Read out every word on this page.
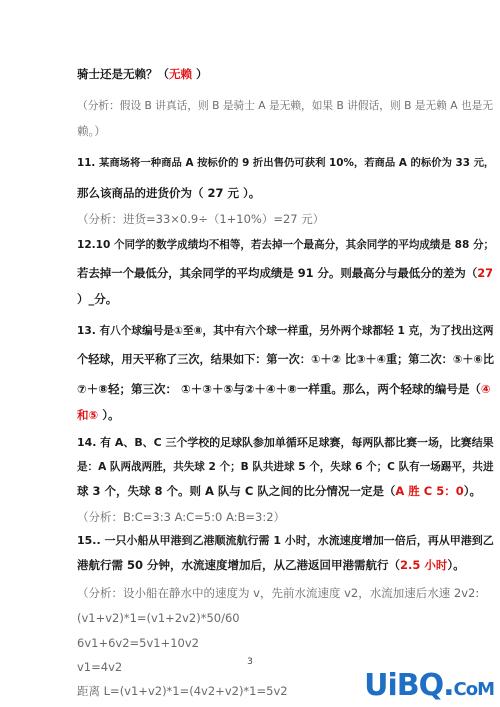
骑士还是无赖？（无赖 ）
（分析：假设 B 讲真话，则 B 是骑士 A 是无赖，如果 B 讲假话，则 B 是无赖 A 也是无
赖。）
11. 某商场将一种商品 A 按标价的 9 折出售仍可获利 10%，若商品 A 的标价为 33 元，
那么该商品的进货价为（ 27 元 ）。
（分析：进货=33×0.9÷（1+10%）=27 元）
12.10 个同学的数学成绩均不相等，若去掉一个最高分，其余同学的平均成绩是 88 分；
若去掉一个最低分，其余同学的平均成绩是 91 分。则最高分与最低分的差为（27
）_分。
13. 有八个球编号是①至⑧，其中有六个球一样重，另外两个球都轻 1 克，为了找出这两
个轻球，用天平称了三次，结果如下：第一次：①＋② 比③＋④重；第二次：⑤＋⑥比
⑦＋⑧轻；第三次： ①＋③＋⑤与②＋④＋⑧一样重。那么，两个轻球的编号是（④
和⑤ ）。
14. 有 A、B、C 三个学校的足球队参加单循环足球赛，每两队都比赛一场，比赛结果
是：A 队两战两胜，共失球 2 个；B 队共进球 5 个，失球 6 个；C 队有一场踢平，共进
球 3 个，失球 8 个。则 A 队与 C 队之间的比分情况一定是（A 胜 C 5：0）。
（分析：B:C=3:3 A:C=5:0 A:B=3:2）
15.. 一只小船从甲港到乙港顺流航行需 1 小时，水流速度增加一倍后，再从甲港到乙
港航行需 50 分钟，水流速度增加后，从乙港返回甲港需航行（2.5 小时）。
（分析：设小船在静水中的速度为 v，先前水流速度 v2，水流加速后水速 2v2:
(v1+v2)*1=(v1+2v2)*50/60
6v1+6v2=5v1+10v2
v1=4v2
距离 L=(v1+v2)*1=(4v2+v2)*1=5v2
3
UiBQ.CoM
